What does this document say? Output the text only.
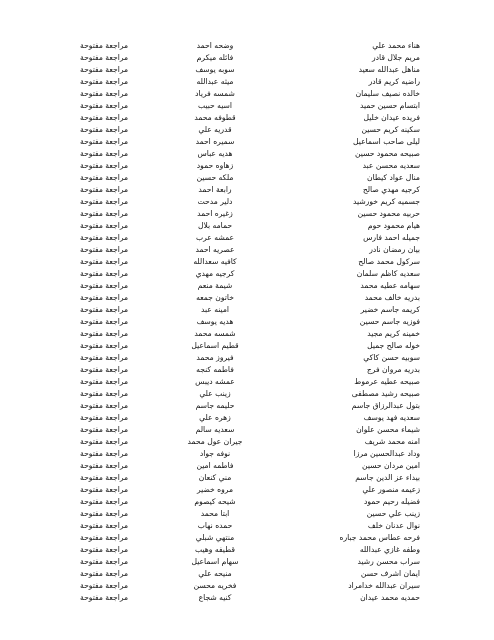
هناء محمد علي
وضحه احمد
مراجعة مفتوحة
مريم جلال قادر
فائله ميكرم
مراجعة مفتوحة
مناهل عبدالله سعيد
سوبه يوسف
مراجعة مفتوحة
راضيه كريم قادر
ميثه عبدالله
مراجعة مفتوحة
خالده نصيف سليمان
شمسه فرياد
مراجعة مفتوحة
ابتسام حسين حميد
اسيه حبيب
مراجعة مفتوحة
فريده عيدان خليل
قطوفه محمد
مراجعة مفتوحة
سكينه كريم حسين
قدريه علي
مراجعة مفتوحة
ليلى صاحب اسماعيل
سميره احمد
مراجعة مفتوحة
صبيحه محمود حسين
هديه عباس
مراجعة مفتوحة
سعديه محسن عبد
زهاوه حمود
مراجعة مفتوحة
منال عواد كيطان
ملكه حسين
مراجعة مفتوحة
كرجيه مهدي صالح
رابعة احمد
مراجعة مفتوحة
جسميه كريم خورشيد
دلير مدحت
مراجعة مفتوحة
حربيه محمود حسين
زغيره احمد
مراجعة مفتوحة
هيام محمود حوم
حمامه بلال
مراجعة مفتوحة
جميله احمد فارس
عمشه عرب
مراجعة مفتوحة
بيان رمضان نادر
عصريه احمد
مراجعة مفتوحة
سركول محمد صالح
كافيه سعدالله
مراجعة مفتوحة
سعديه كاظم سلمان
كرجيه مهدي
مراجعة مفتوحة
سهامه عطيه محمد
شيمة منعم
مراجعة مفتوحة
بدريه خالف محمد
خاتون جمعه
مراجعة مفتوحة
كريمه جاسم خضير
امينه عبد
مراجعة مفتوحة
فوزيه جاسم حسين
هديه يوسف
مراجعة مفتوحة
خمينه كريم مجيد
شمسه محمد
مراجعة مفتوحة
خوله صالح جميل
قطيم اسماعيل
مراجعة مفتوحة
سوبيه حسن كاكي
فيروز محمد
مراجعة مفتوحة
بدريه مروان فرج
فاطمه كنجه
مراجعة مفتوحة
صبيحه عطيه عرموط
عمشه ديبس
مراجعة مفتوحة
صبيحه رشيد مصطفى
زينب علي
مراجعة مفتوحة
بتول عبدالرزاق جاسم
حليمه جاسم
مراجعة مفتوحة
سعديه فهد يوسف
زهره علي
مراجعة مفتوحة
شيماء محسن علوان
سعديه سالم
مراجعة مفتوحة
امنه محمد شريف
جيران عول محمد
مراجعة مفتوحة
وداد عبدالحسين مرزا
نوفه جواد
مراجعة مفتوحة
امين مردان حسين
فاطمه امين
مراجعة مفتوحة
بيداء عز الدين جاسم
مني كنعان
مراجعة مفتوحة
زعيمه منصور علي
مروه خضير
مراجعة مفتوحة
فضيله رحيم حمود
شيحه كيصوم
مراجعة مفتوحة
زينب علي حسين
ابتا محمد
مراجعة مفتوحة
نوال عدنان خلف
حمده نهاب
مراجعة مفتوحة
فرحه عطاس محمد جباره
منتهي شبلي
مراجعة مفتوحة
وطفه غازي عبدالله
قطيفه وهيب
مراجعة مفتوحة
سراب محسن رشيد
سهام اسماعيل
مراجعة مفتوحة
ايمان اشرف حسن
منيحه علي
مراجعة مفتوحة
سيران عبدالله خدامراد
فخريه محسن
مراجعة مفتوحة
حمديه محمد عيدان
كنيه شجاع
مراجعة مفتوحة
